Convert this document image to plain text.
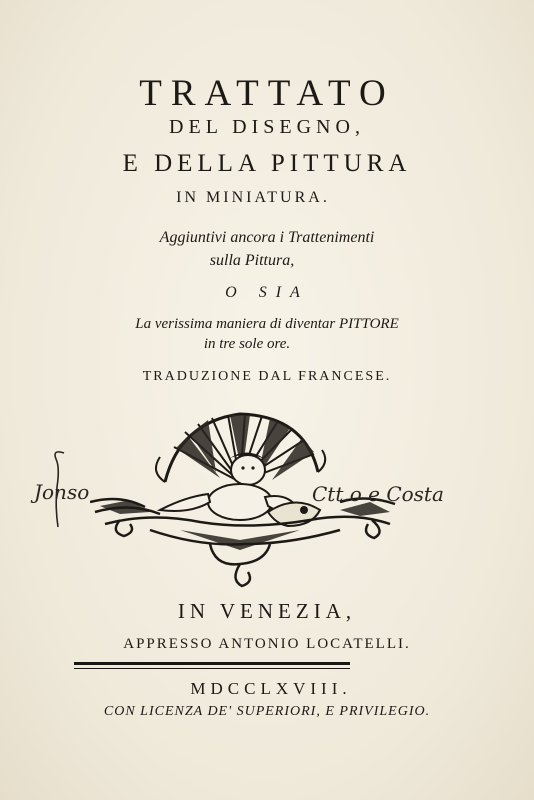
TRATTATO
DEL DISEGNO,
E DELLA PITTURA
IN MINIATURA.
Aggiuntivi ancora i Trattenimenti
sulla Pittura,
O SIA
La verissima maniera di diventar PITTORE
in tre sole ore.
TRADUZIONE DAL FRANCESE.
Jonso	Ctt.o e Costa
IN VENEZIA,
APPRESSO ANTONIO LOCATELLI.
MDCCLXVIII.
CON LICENZA DE' SUPERIORI, E PRIVILEGIO.
